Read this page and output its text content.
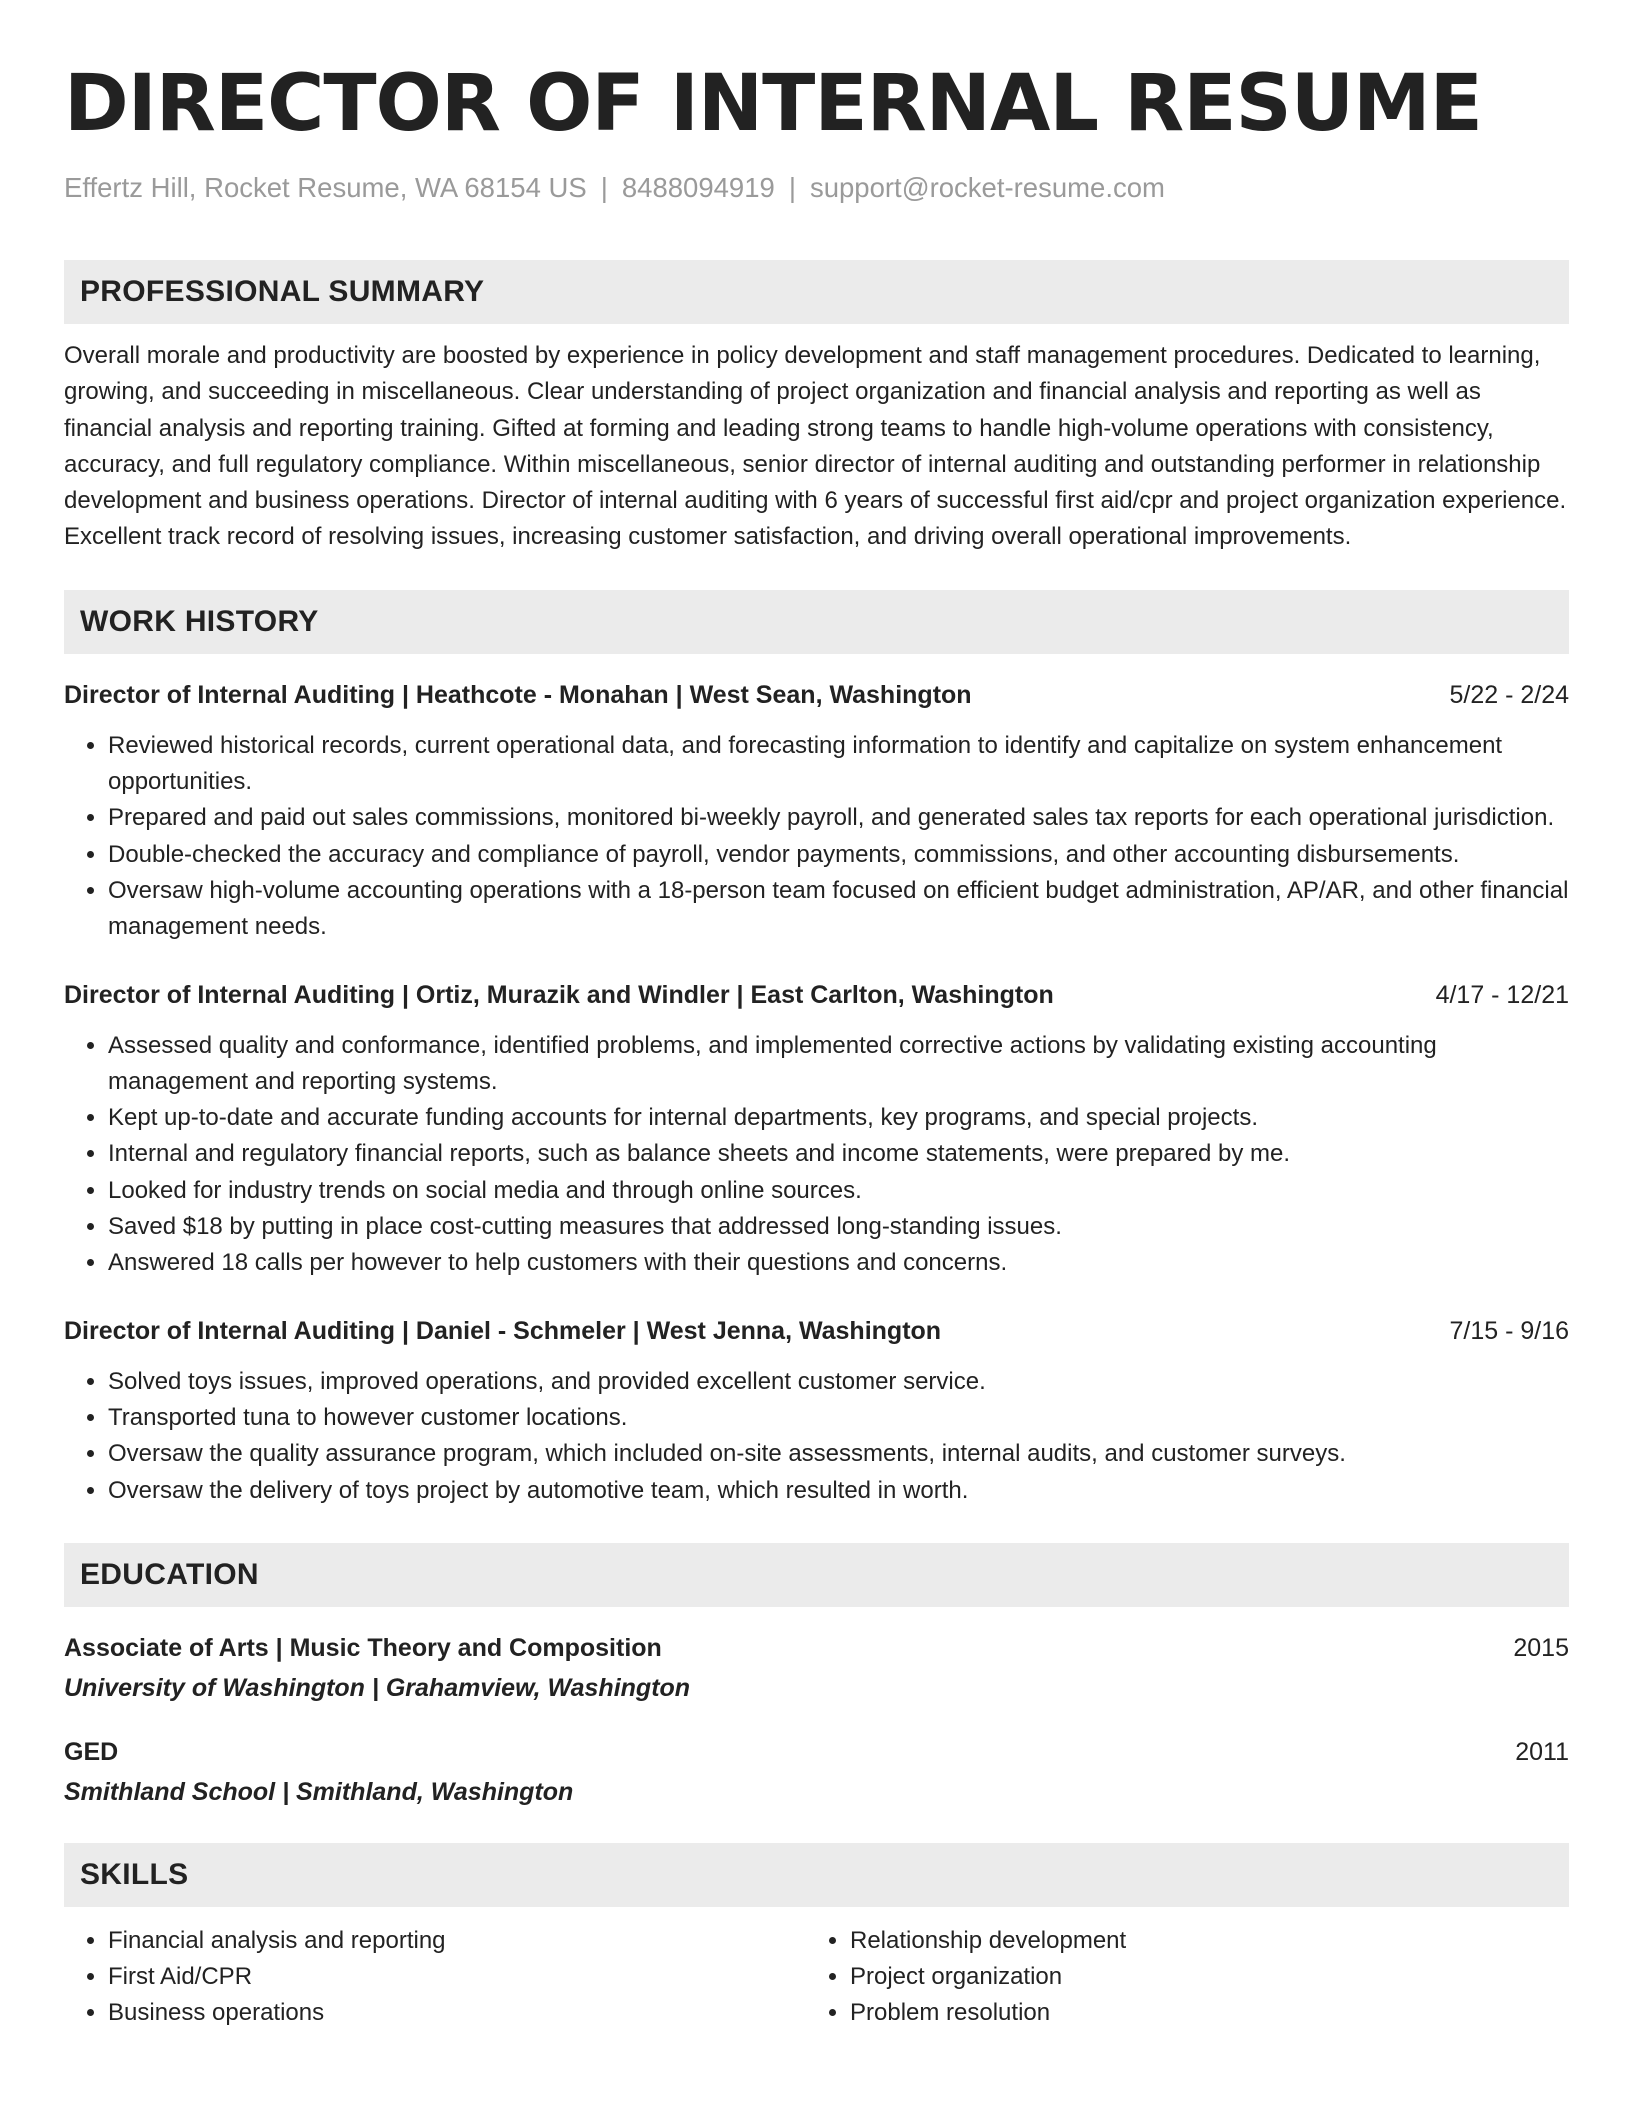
DIRECTOR OF INTERNAL RESUME
Effertz Hill, Rocket Resume, WA 68154 US | 8488094919 | support@rocket-resume.com
PROFESSIONAL SUMMARY
Overall morale and productivity are boosted by experience in policy development and staff management procedures. Dedicated to learning, growing, and succeeding in miscellaneous. Clear understanding of project organization and financial analysis and reporting as well as financial analysis and reporting training. Gifted at forming and leading strong teams to handle high-volume operations with consistency, accuracy, and full regulatory compliance. Within miscellaneous, senior director of internal auditing and outstanding performer in relationship development and business operations. Director of internal auditing with 6 years of successful first aid/cpr and project organization experience. Excellent track record of resolving issues, increasing customer satisfaction, and driving overall operational improvements.
WORK HISTORY
Director of Internal Auditing | Heathcote - Monahan | West Sean, Washington	5/22 - 2/24
• Reviewed historical records, current operational data, and forecasting information to identify and capitalize on system enhancement opportunities.
• Prepared and paid out sales commissions, monitored bi-weekly payroll, and generated sales tax reports for each operational jurisdiction.
• Double-checked the accuracy and compliance of payroll, vendor payments, commissions, and other accounting disbursements.
• Oversaw high-volume accounting operations with a 18-person team focused on efficient budget administration, AP/AR, and other financial management needs.
Director of Internal Auditing | Ortiz, Murazik and Windler | East Carlton, Washington	4/17 - 12/21
• Assessed quality and conformance, identified problems, and implemented corrective actions by validating existing accounting management and reporting systems.
• Kept up-to-date and accurate funding accounts for internal departments, key programs, and special projects.
• Internal and regulatory financial reports, such as balance sheets and income statements, were prepared by me.
• Looked for industry trends on social media and through online sources.
• Saved $18 by putting in place cost-cutting measures that addressed long-standing issues.
• Answered 18 calls per however to help customers with their questions and concerns.
Director of Internal Auditing | Daniel - Schmeler | West Jenna, Washington	7/15 - 9/16
• Solved toys issues, improved operations, and provided excellent customer service.
• Transported tuna to however customer locations.
• Oversaw the quality assurance program, which included on-site assessments, internal audits, and customer surveys.
• Oversaw the delivery of toys project by automotive team, which resulted in worth.
EDUCATION
Associate of Arts | Music Theory and Composition	2015
University of Washington | Grahamview, Washington
GED	2011
Smithland School | Smithland, Washington
SKILLS
• Financial analysis and reporting
• First Aid/CPR
• Business operations
• Relationship development
• Project organization
• Problem resolution
